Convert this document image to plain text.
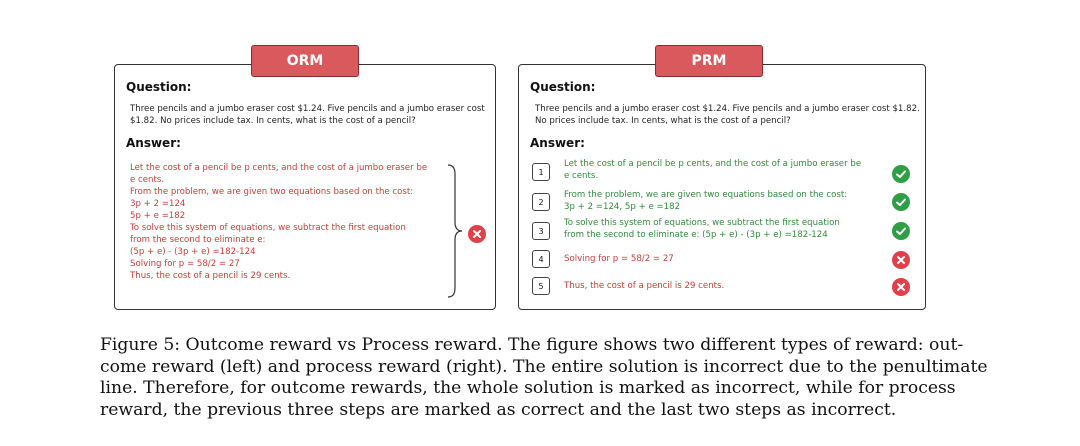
ORM
Question:
Three pencils and a jumbo eraser cost $1.24. Five pencils and a jumbo eraser cost
$1.82. No prices include tax. In cents, what is the cost of a pencil?
Answer:
Let the cost of a pencil be p cents, and the cost of a jumbo eraser be
e cents.
From the problem, we are given two equations based on the cost:
3p + 2 =124
5p + e =182
To solve this system of equations, we subtract the first equation
from the second to eliminate e:
(5p + e) - (3p + e) =182-124
Solving for p = 58/2 = 27
Thus, the cost of a pencil is 29 cents.
PRM
Question:
Three pencils and a jumbo eraser cost $1.24. Five pencils and a jumbo eraser cost $1.82.
No prices include tax. In cents, what is the cost of a pencil?
Answer:
1
Let the cost of a pencil be p cents, and the cost of a jumbo eraser be
e cents.
2
From the problem, we are given two equations based on the cost:
3p + 2 =124, 5p + e =182
3
To solve this system of equations, we subtract the first equation
from the second to eliminate e: (5p + e) - (3p + e) =182-124
4	Solving for p = 58/2 = 27
5	Thus, the cost of a pencil is 29 cents.
Figure 5: Outcome reward vs Process reward. The figure shows two different types of reward: out-
come reward (left) and process reward (right). The entire solution is incorrect due to the penultimate
line. Therefore, for outcome rewards, the whole solution is marked as incorrect, while for process
reward, the previous three steps are marked as correct and the last two steps as incorrect.
